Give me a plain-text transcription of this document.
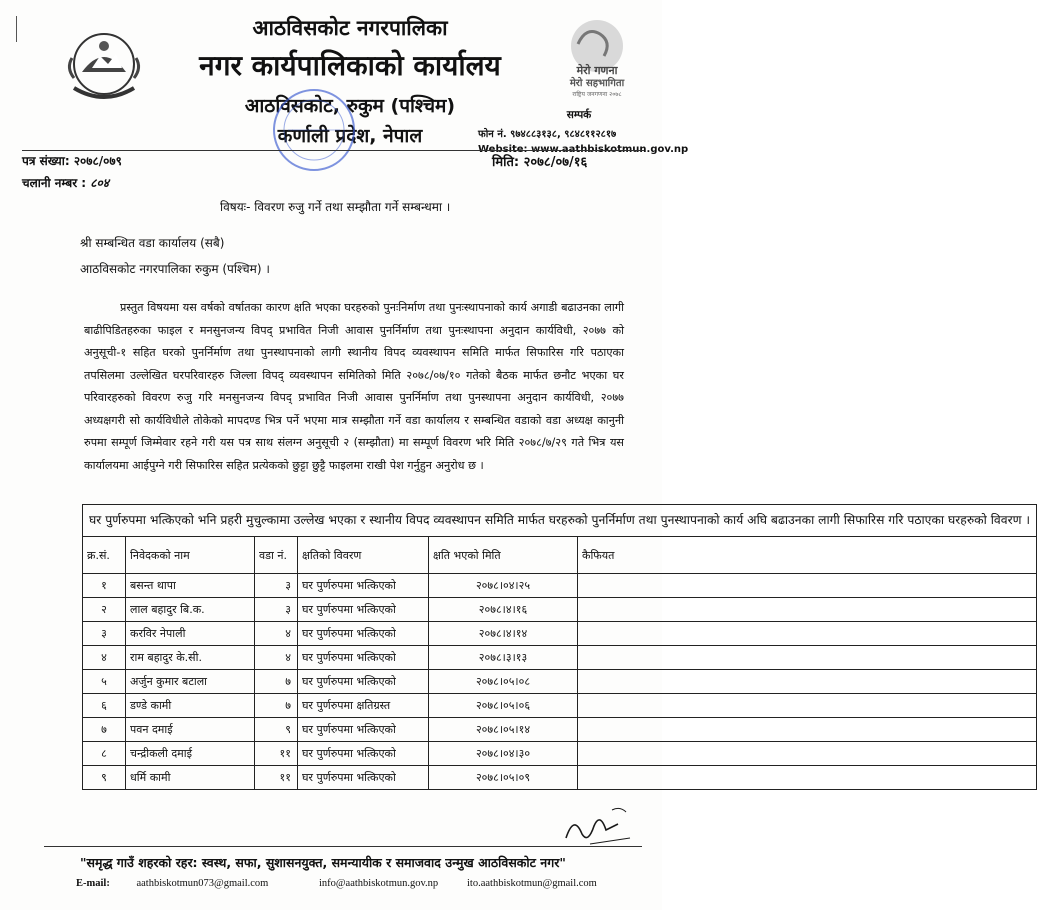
मेरो गणना
मेरो सहभागिता
राष्ट्रिय जनगणना २०७८
आठविसकोट नगरपालिका
नगर कार्यपालिकाको कार्यालय
आठविसकोट, रुकुम (पश्चिम)
कर्णाली प्रदेश, नेपाल
सम्पर्क
फोन नं. ९७४८८३१३८, ९८४८११२८१७
Website: www.aathbiskotmun.gov.np
पत्र संख्या: २०७८/०७९
चलानी नम्बर : ८०४
मिति: २०७८/०७/१६
विषयः- विवरण रुजु गर्ने तथा सम्झौता गर्ने सम्बन्धमा ।
श्री सम्बन्धित वडा कार्यालय (सबै)
आठविसकोट नगरपालिका रुकुम (पश्चिम) ।
प्रस्तुत विषयमा यस वर्षको वर्षातका कारण क्षति भएका घरहरुको पुनःनिर्माण तथा पुनःस्थापनाको कार्य अगाडी बढाउनका लागी बाढीपिडितहरुका फाइल र मनसुनजन्य विपद् प्रभावित निजी आवास पुनर्निर्माण तथा पुनःस्थापना अनुदान कार्यविधी, २०७७ को अनुसूची-१ सहित घरको पुनर्निर्माण तथा पुनस्थापनाको लागी स्थानीय विपद व्यवस्थापन समिति मार्फत सिफारिस गरि पठाएका तपसिलमा उल्लेखित घरपरिवारहरु जिल्ला विपद् व्यवस्थापन समितिको मिति २०७८/०७/१० गतेको बैठक मार्फत छनौट भएका घर परिवारहरुको विवरण रुजु गरि मनसुनजन्य विपद् प्रभावित निजी आवास पुनर्निर्माण तथा पुनस्थापना अनुदान कार्यविधी, २०७७ अध्यक्षगरी सो कार्यविधीले तोकेको मापदण्ड भित्र पर्ने भएमा मात्र सम्झौता गर्ने वडा कार्यालय र सम्बन्धित वडाको वडा अध्यक्ष कानुनी रुपमा सम्पूर्ण जिम्मेवार रहने गरी यस पत्र साथ संलग्न अनुसूची २ (सम्झौता) मा सम्पूर्ण विवरण भरि मिति २०७८/७/२९ गते भित्र यस कार्यालयमा आईपुग्ने गरी सिफारिस सहित प्रत्येकको छुट्टा छुट्टै फाइलमा राखी पेश गर्नुहुन अनुरोध छ ।
घर पुर्णरुपमा भत्किएको भनि प्रहरी मुचुल्कामा उल्लेख भएका र स्थानीय विपद व्यवस्थापन समिति मार्फत घरहरुको पुनर्निर्माण तथा पुनस्थापनाको कार्य अघि बढाउनका लागी सिफारिस गरि पठाएका घरहरुको विवरण ।					
क्र.सं.	निवेदकको नाम	वडा नं.	क्षतिको विवरण	क्षति भएको मिति	कैफियत
१	बसन्त थापा	३	घर पुर्णरुपमा भत्किएको	२०७८।०४।२५	
२	लाल बहादुर बि.क.	३	घर पुर्णरुपमा भत्किएको	२०७८।४।१६	
३	करविर नेपाली	४	घर पुर्णरुपमा भत्किएको	२०७८।४।१४	
४	राम बहादुर के.सी.	४	घर पुर्णरुपमा भत्किएको	२०७८।३।१३	
५	अर्जुन कुमार बटाला	७	घर पुर्णरुपमा भत्किएको	२०७८।०५।०८	
६	डण्डे कामी	७	घर पुर्णरुपमा क्षतिग्रस्त	२०७८।०५।०६	
७	पवन दमाई	९	घर पुर्णरुपमा भत्किएको	२०७८।०५।१४	
८	चन्द्रीकली दमाई	११	घर पुर्णरुपमा भत्किएको	२०७८।०४।३०	
९	धर्मि कामी	११	घर पुर्णरुपमा भत्किएको	२०७८।०५।०९	
"समृद्ध गाउँ शहरको रहर: स्वस्थ, सफा, सुशासनयुक्त, समन्यायीक र समाजवाद उन्मुख आठविसकोट नगर"
E-mail:	aathbiskotmun073@gmail.com	info@aathbiskotmun.gov.np	ito.aathbiskotmun@gmail.com
